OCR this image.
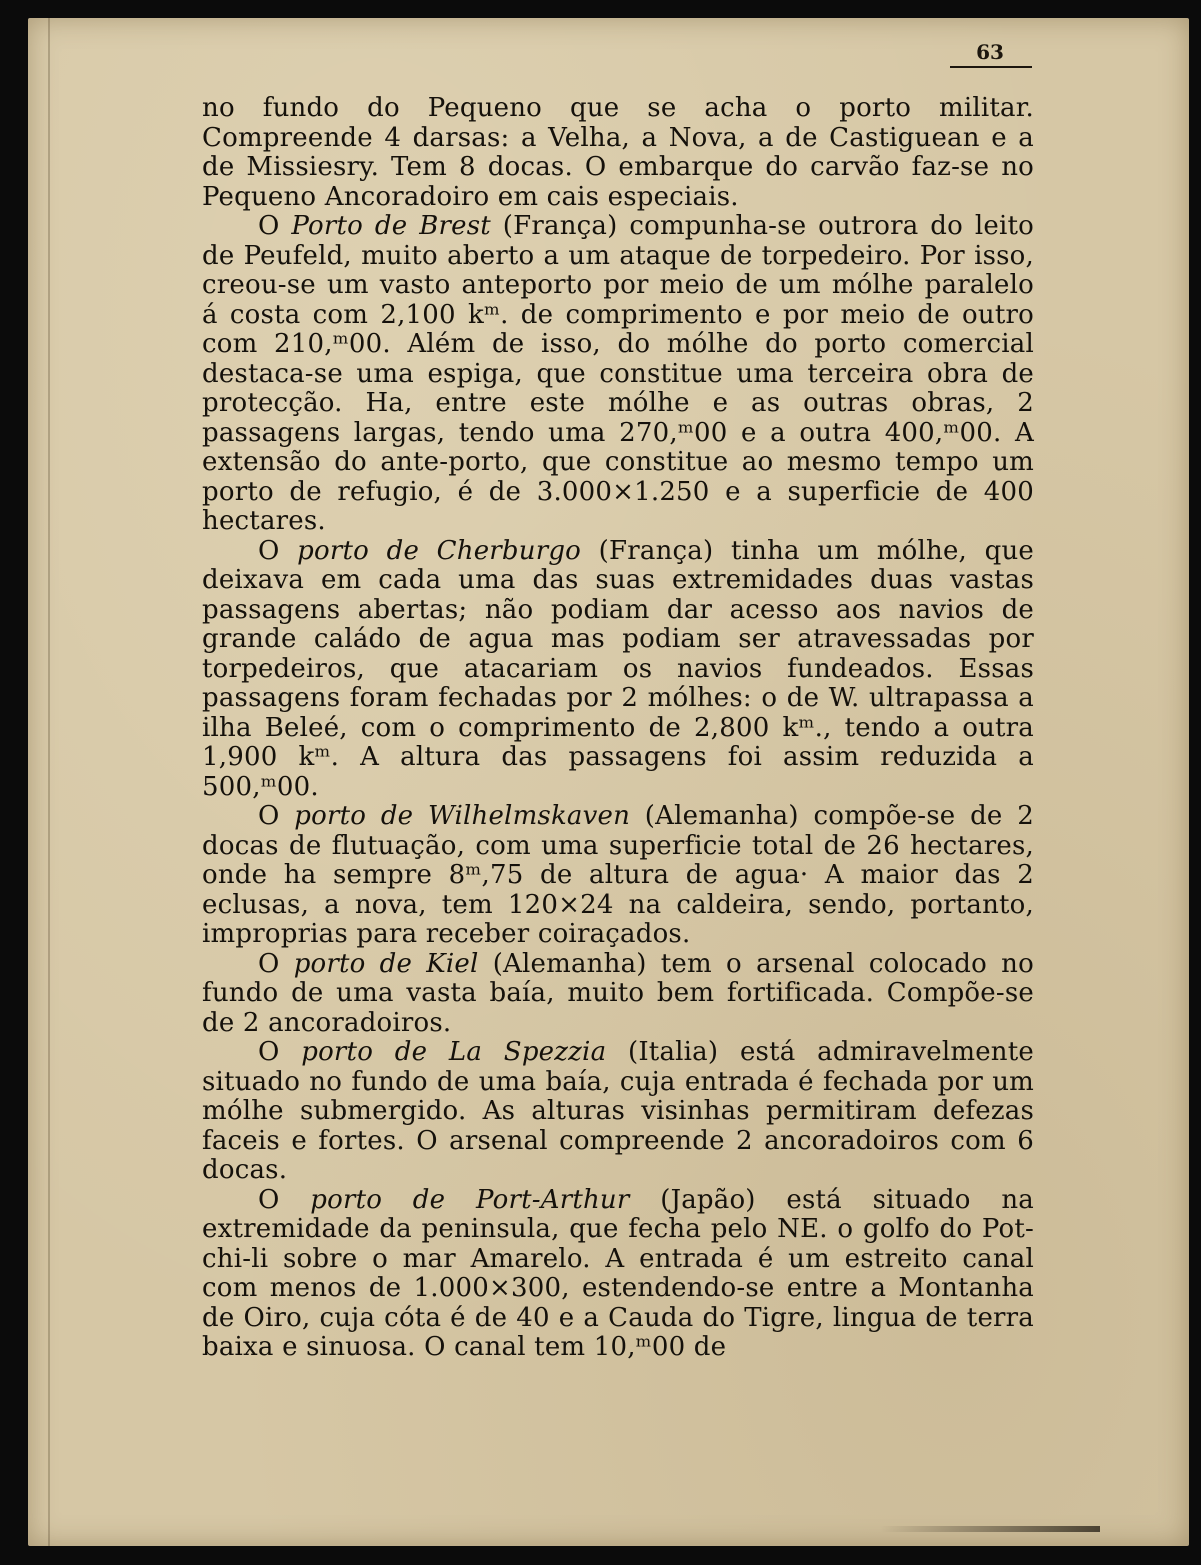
63

no fundo do Pequeno que se acha o porto militar. Compreende 4 darsas: a Velha, a Nova, a de Castiguean e a de Missiesry. Tem 8 docas. O embarque do carvão faz-se no Pequeno Ancoradoiro em cais especiais.

O Porto de Brest (França) compunha-se outrora do leito de Peufeld, muito aberto a um ataque de torpedeiro. Por isso, creou-se um vasto anteporto por meio de um mólhe paralelo á costa com 2,100 kᵐ. de comprimento e por meio de outro com 210,ᵐ00. Além de isso, do mólhe do porto comercial destaca-se uma espiga, que constitue uma terceira obra de protecção. Ha, entre este mólhe e as outras obras, 2 passagens largas, tendo uma 270,ᵐ00 e a outra 400,ᵐ00. A extensão do ante-porto, que constitue ao mesmo tempo um porto de refugio, é de 3.000×1.250 e a superficie de 400 hectares.

O porto de Cherburgo (França) tinha um mólhe, que deixava em cada uma das suas extremidades duas vastas passagens abertas; não podiam dar acesso aos navios de grande caládo de agua mas podiam ser atravessadas por torpedeiros, que atacariam os navios fundeados. Essas passagens foram fechadas por 2 mólhes: o de W. ultrapassa a ilha Beleé, com o comprimento de 2,800 kᵐ., tendo a outra 1,900 kᵐ. A altura das passagens foi assim reduzida a 500,ᵐ00.

O porto de Wilhelmskaven (Alemanha) compõe-se de 2 docas de flutuação, com uma superficie total de 26 hectares, onde ha sempre 8ᵐ,75 de altura de agua· A maior das 2 eclusas, a nova, tem 120×24 na caldeira, sendo, portanto, improprias para receber coiraçados.

O porto de Kiel (Alemanha) tem o arsenal colocado no fundo de uma vasta baía, muito bem fortificada. Compõe-se de 2 ancoradoiros.

O porto de La Spezzia (Italia) está admiravelmente situado no fundo de uma baía, cuja entrada é fechada por um mólhe submergido. As alturas visinhas permitiram defezas faceis e fortes. O arsenal compreende 2 ancoradoiros com 6 docas.

O porto de Port-Arthur (Japão) está situado na extremidade da peninsula, que fecha pelo NE. o golfo do Pot-chi-li sobre o mar Amarelo. A entrada é um estreito canal com menos de 1.000×300, estendendo-se entre a Montanha de Oiro, cuja cóta é de 40 e a Cauda do Tigre, lingua de terra baixa e sinuosa. O canal tem 10,ᵐ00 de
